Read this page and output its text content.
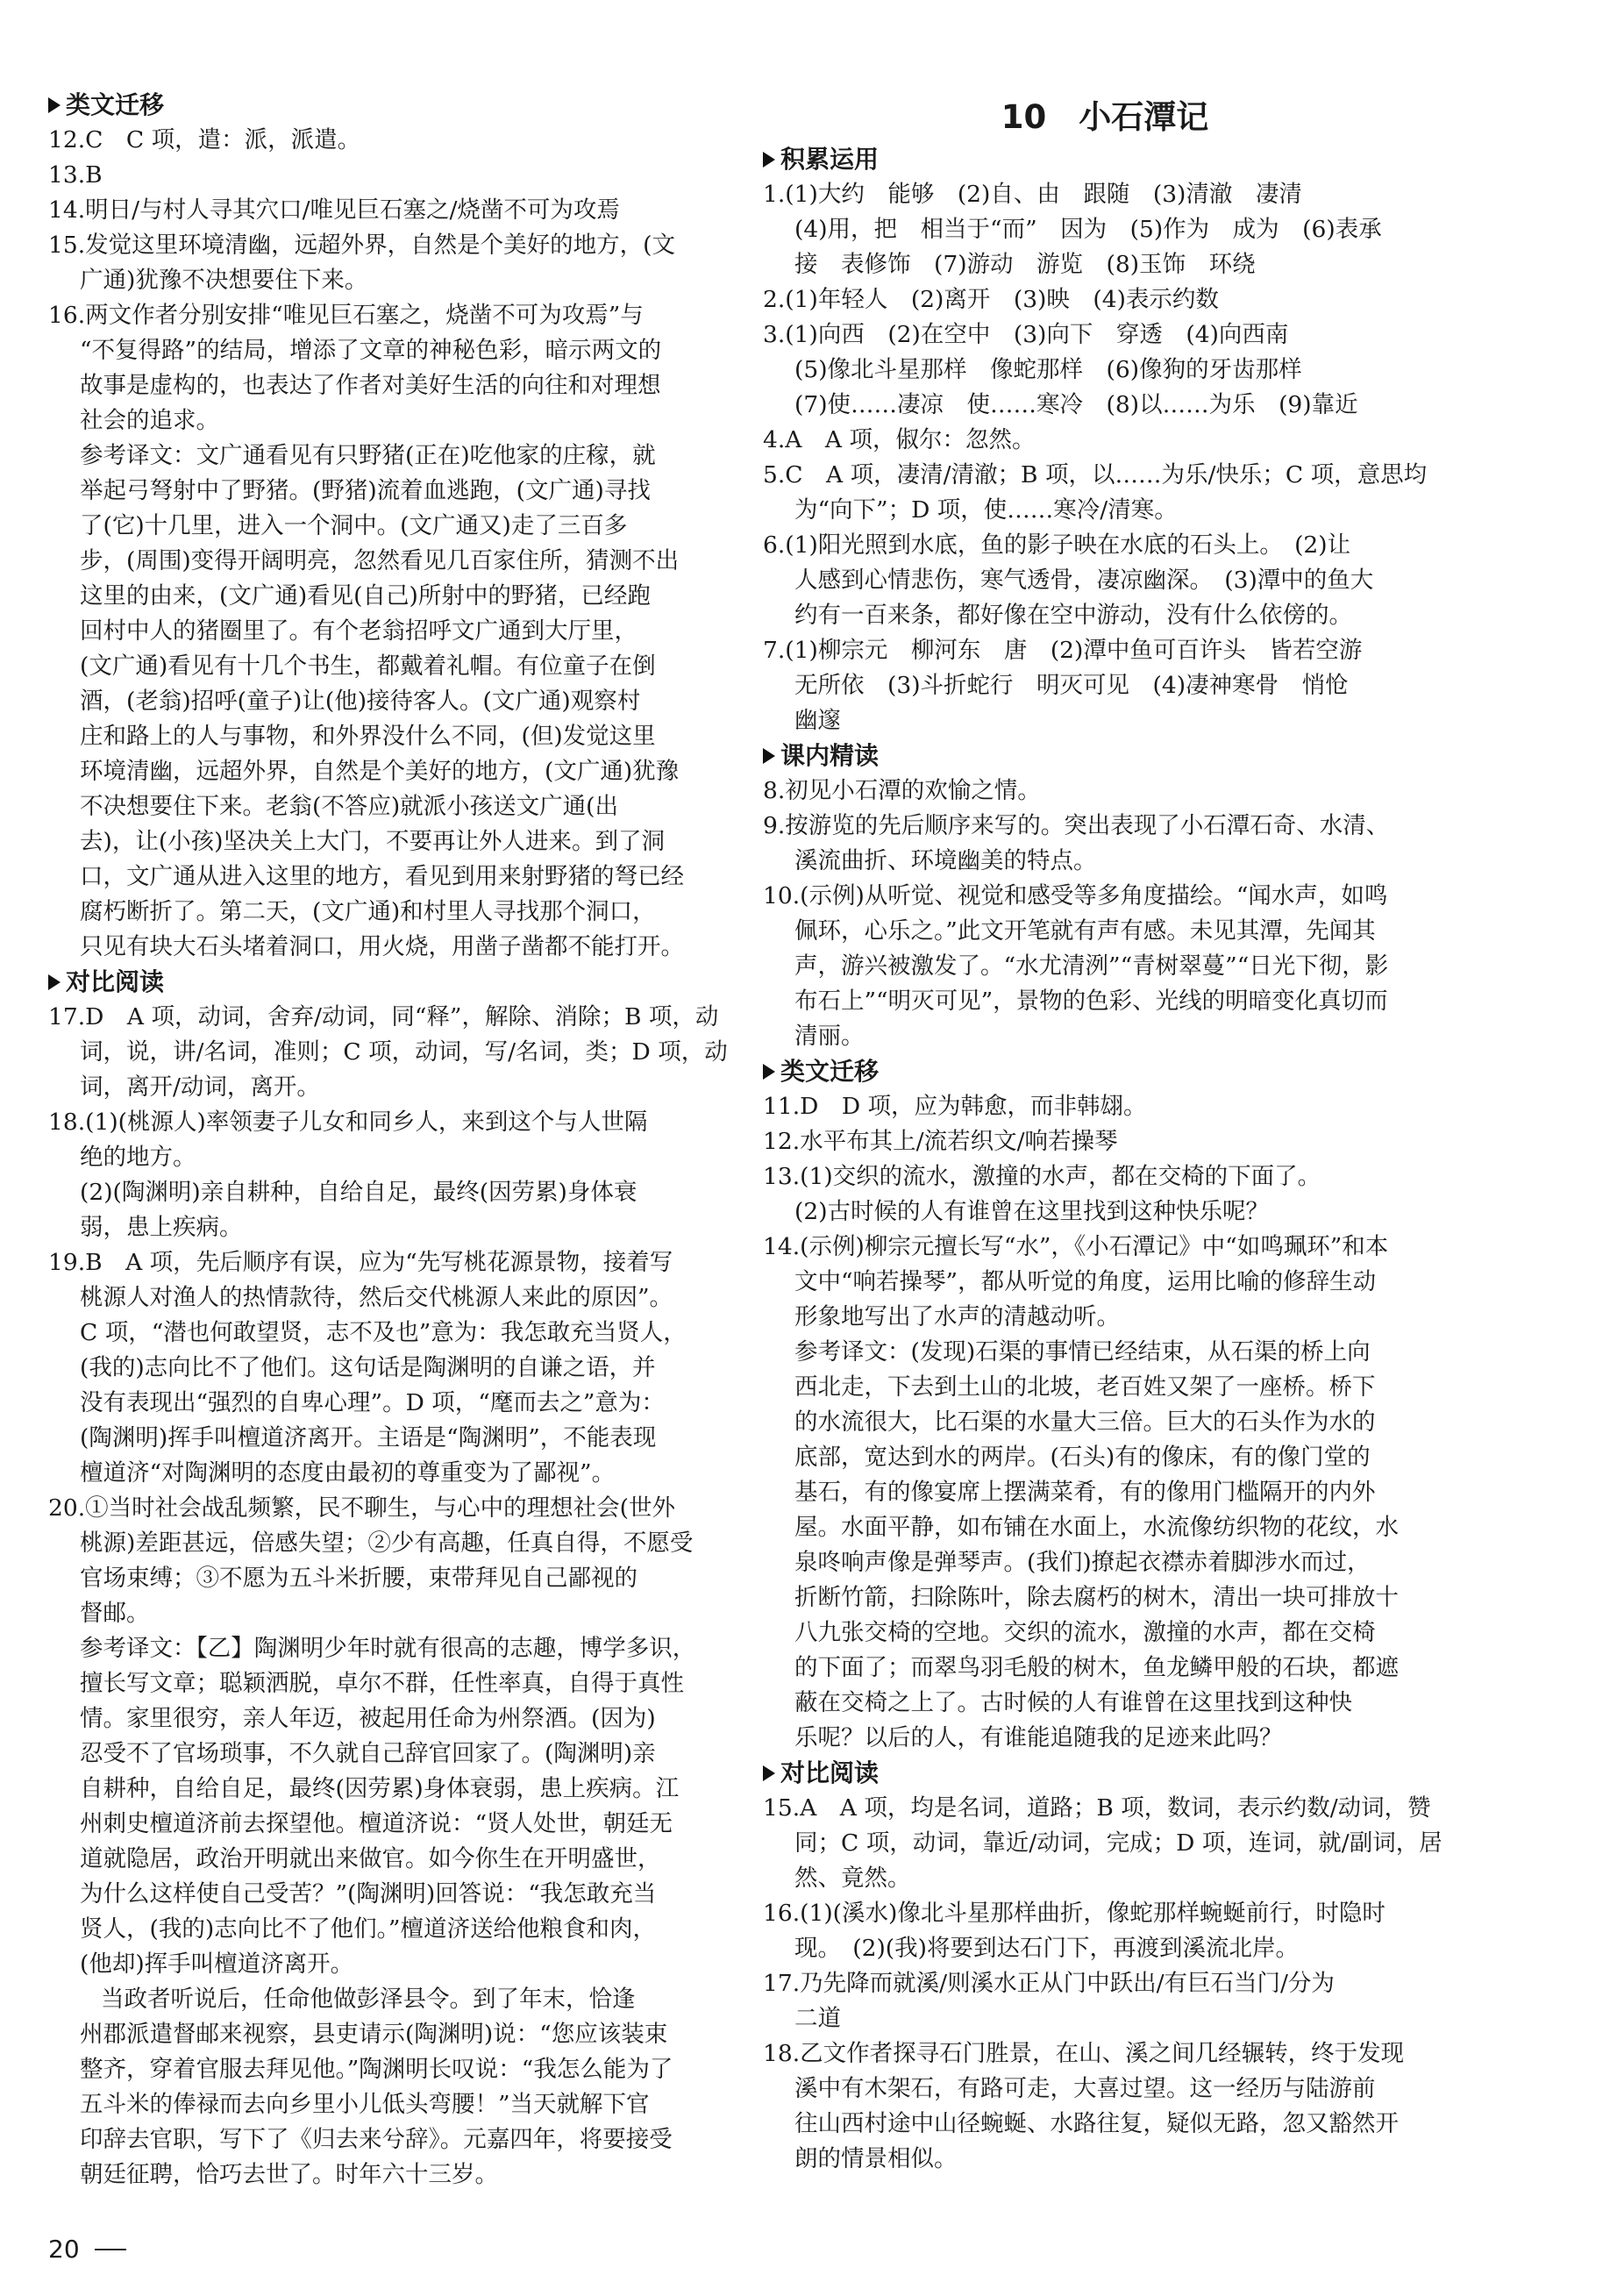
类文迁移
12.C　C 项，遣：派，派遣。
13.B
14.明日/与村人寻其穴口/唯见巨石塞之/烧凿不可为攻焉
15.发觉这里环境清幽，远超外界，自然是个美好的地方，(文
广通)犹豫不决想要住下来。
16.两文作者分别安排“唯见巨石塞之，烧凿不可为攻焉”与
“不复得路”的结局，增添了文章的神秘色彩，暗示两文的
故事是虚构的，也表达了作者对美好生活的向往和对理想
社会的追求。
参考译文：文广通看见有只野猪(正在)吃他家的庄稼，就
举起弓弩射中了野猪。(野猪)流着血逃跑，(文广通)寻找
了(它)十几里，进入一个洞中。(文广通又)走了三百多
步，(周围)变得开阔明亮，忽然看见几百家住所，猜测不出
这里的由来，(文广通)看见(自己)所射中的野猪，已经跑
回村中人的猪圈里了。有个老翁招呼文广通到大厅里，
(文广通)看见有十几个书生，都戴着礼帽。有位童子在倒
酒，(老翁)招呼(童子)让(他)接待客人。(文广通)观察村
庄和路上的人与事物，和外界没什么不同，(但)发觉这里
环境清幽，远超外界，自然是个美好的地方，(文广通)犹豫
不决想要住下来。老翁(不答应)就派小孩送文广通(出
去)，让(小孩)坚决关上大门，不要再让外人进来。到了洞
口，文广通从进入这里的地方，看见到用来射野猪的弩已经
腐朽断折了。第二天，(文广通)和村里人寻找那个洞口，
只见有块大石头堵着洞口，用火烧，用凿子凿都不能打开。
对比阅读
17.D　A 项，动词，舍弃/动词，同“释”，解除、消除；B 项，动
词，说，讲/名词，准则；C 项，动词，写/名词，类；D 项，动
词，离开/动词，离开。
18.(1)(桃源人)率领妻子儿女和同乡人，来到这个与人世隔
绝的地方。
(2)(陶渊明)亲自耕种，自给自足，最终(因劳累)身体衰
弱，患上疾病。
19.B　A 项，先后顺序有误，应为“先写桃花源景物，接着写
桃源人对渔人的热情款待，然后交代桃源人来此的原因”。
C 项，“潜也何敢望贤，志不及也”意为：我怎敢充当贤人，
(我的)志向比不了他们。这句话是陶渊明的自谦之语，并
没有表现出“强烈的自卑心理”。D 项，“麾而去之”意为：
(陶渊明)挥手叫檀道济离开。主语是“陶渊明”，不能表现
檀道济“对陶渊明的态度由最初的尊重变为了鄙视”。
20.①当时社会战乱频繁，民不聊生，与心中的理想社会(世外
桃源)差距甚远，倍感失望；②少有高趣，任真自得，不愿受
官场束缚；③不愿为五斗米折腰，束带拜见自己鄙视的
督邮。
参考译文：【乙】陶渊明少年时就有很高的志趣，博学多识，
擅长写文章；聪颖洒脱，卓尔不群，任性率真，自得于真性
情。家里很穷，亲人年迈，被起用任命为州祭酒。(因为)
忍受不了官场琐事，不久就自己辞官回家了。(陶渊明)亲
自耕种，自给自足，最终(因劳累)身体衰弱，患上疾病。江
州刺史檀道济前去探望他。檀道济说：“贤人处世，朝廷无
道就隐居，政治开明就出来做官。如今你生在开明盛世，
为什么这样使自己受苦？”(陶渊明)回答说：“我怎敢充当
贤人，(我的)志向比不了他们。”檀道济送给他粮食和肉，
(他却)挥手叫檀道济离开。
当政者听说后，任命他做彭泽县令。到了年末，恰逢
州郡派遣督邮来视察，县吏请示(陶渊明)说：“您应该装束
整齐，穿着官服去拜见他。”陶渊明长叹说：“我怎么能为了
五斗米的俸禄而去向乡里小儿低头弯腰！”当天就解下官
印辞去官职，写下了《归去来兮辞》。元嘉四年，将要接受
朝廷征聘，恰巧去世了。时年六十三岁。
10　小石潭记
积累运用
1.(1)大约　能够　(2)自、由　跟随　(3)清澈　凄清
(4)用，把　相当于“而”　因为　(5)作为　成为　(6)表承
接　表修饰　(7)游动　游览　(8)玉饰　环绕
2.(1)年轻人　(2)离开　(3)映　(4)表示约数
3.(1)向西　(2)在空中　(3)向下　穿透　(4)向西南
(5)像北斗星那样　像蛇那样　(6)像狗的牙齿那样
(7)使……凄凉　使……寒冷　(8)以……为乐　(9)靠近
4.A　A 项，俶尔：忽然。
5.C　A 项，凄清/清澈；B 项，以……为乐/快乐；C 项，意思均
为“向下”；D 项，使……寒冷/清寒。
6.(1)阳光照到水底，鱼的影子映在水底的石头上。　(2)让
人感到心情悲伤，寒气透骨，凄凉幽深。　(3)潭中的鱼大
约有一百来条，都好像在空中游动，没有什么依傍的。
7.(1)柳宗元　柳河东　唐　(2)潭中鱼可百许头　皆若空游
无所依　(3)斗折蛇行　明灭可见　(4)凄神寒骨　悄怆
幽邃
课内精读
8.初见小石潭的欢愉之情。
9.按游览的先后顺序来写的。突出表现了小石潭石奇、水清、
溪流曲折、环境幽美的特点。
10.(示例)从听觉、视觉和感受等多角度描绘。“闻水声，如鸣
佩环，心乐之。”此文开笔就有声有感。未见其潭，先闻其
声，游兴被激发了。“水尤清洌”“青树翠蔓”“日光下彻，影
布石上”“明灭可见”，景物的色彩、光线的明暗变化真切而
清丽。
类文迁移
11.D　D 项，应为韩愈，而非韩翃。
12.水平布其上/流若织文/响若操琴
13.(1)交织的流水，激撞的水声，都在交椅的下面了。
(2)古时候的人有谁曾在这里找到这种快乐呢？
14.(示例)柳宗元擅长写“水”，《小石潭记》中“如鸣珮环”和本
文中“响若操琴”，都从听觉的角度，运用比喻的修辞生动
形象地写出了水声的清越动听。
参考译文：(发现)石渠的事情已经结束，从石渠的桥上向
西北走，下去到土山的北坡，老百姓又架了一座桥。桥下
的水流很大，比石渠的水量大三倍。巨大的石头作为水的
底部，宽达到水的两岸。(石头)有的像床，有的像门堂的
基石，有的像宴席上摆满菜肴，有的像用门槛隔开的内外
屋。水面平静，如布铺在水面上，水流像纺织物的花纹，水
泉咚响声像是弹琴声。(我们)撩起衣襟赤着脚涉水而过，
折断竹箭，扫除陈叶，除去腐朽的树木，清出一块可排放十
八九张交椅的空地。交织的流水，激撞的水声，都在交椅
的下面了；而翠鸟羽毛般的树木，鱼龙鳞甲般的石块，都遮
蔽在交椅之上了。古时候的人有谁曾在这里找到这种快
乐呢？以后的人，有谁能追随我的足迹来此吗？
对比阅读
15.A　A 项，均是名词，道路；B 项，数词，表示约数/动词，赞
同；C 项，动词，靠近/动词，完成；D 项，连词，就/副词，居
然、竟然。
16.(1)(溪水)像北斗星那样曲折，像蛇那样蜿蜒前行，时隐时
现。　(2)(我)将要到达石门下，再渡到溪流北岸。
17.乃先降而就溪/则溪水正从门中跃出/有巨石当门/分为
二道
18.乙文作者探寻石门胜景，在山、溪之间几经辗转，终于发现
溪中有木架石，有路可走，大喜过望。这一经历与陆游前
往山西村途中山径蜿蜒、水路往复，疑似无路，忽又豁然开
朗的情景相似。
20
